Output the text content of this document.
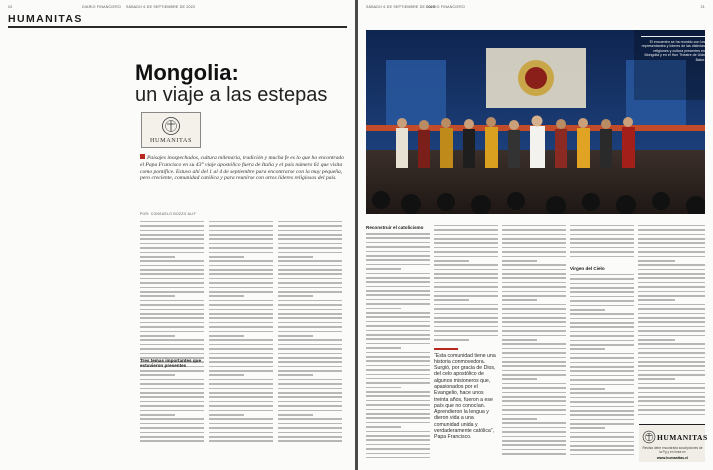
20	DIARIO FINANCIERO SÁBADO 6 DE SEPTIEMBRE DE 2023
HUMANITAS
Mongolia:
un viaje a las estepas
HUMANITAS
Paisajes inospechados, cultura milenaria, tradición y mucha fe es lo que ho encontrado el Papa Francisco en su 43° viaje apostólico fuera de Italia y el país número 61 que visita como pontífice. Estuvo ahí del 1 al 4 de septiembre para encontrarse con la muy pequeña, pero creciente, comunidad católica y para reunirse con otros líderes religiosos del país.
POR: CONSUELO BOZZO ALIF
Tres temas importantes que estuvieron presentes
SÁBADO 6 DE SEPTIEMBRE DE 2023
DIARIO FINANCIERO	21
El encuentro se ha reunido con los representantes y líderes de las distintas religiones y cultura presentes en Mongolia y en el Hun Theatre de Ulán Bator.
Reconstruir el catolicismo
“Esta comunidad tiene una historia conmovedora. Surgió, por gracia de Dios, del celo apostólico de algunos misioneros que, apasionados por el Evangelio, hace unos treinta años, fueron a ese país que no conocían. Aprendieron la lengua y dieron vida a una comunidad unida y verdaderamente católica”, Papa Francisco.
Virgen del Cielo
HUMANITAS
Revista debe encontrarla suscripciones de la Pg y en línea en
www.humanitas.cl
